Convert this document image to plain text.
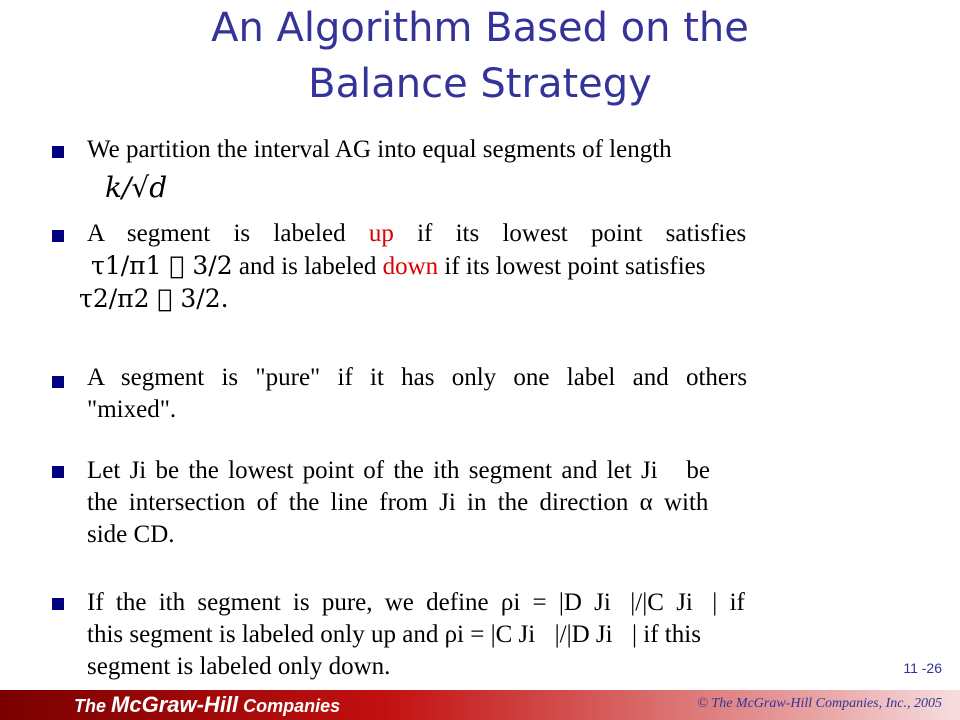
An Algorithm Based on the
Balance Strategy
We partition the interval AG into equal segments of length
k/√d
A segment is labeled up if its lowest point satisfies
τ1/π1   3/2 and is labeled down if its lowest point satisfies
τ2/π2   3/2.
A segment is "pure" if it has only one label and others
"mixed".
Let Ji be the lowest point of the ith segment and let Ji  be
the intersection of the line from Ji in the direction α with
side CD.
If the ith segment is pure, we define ρi = |D Ji |/|C Ji | if
this segment is labeled only up and ρi = |C Ji |/|D Ji | if this
segment is labeled only down.	11 -26
The McGraw-Hill Companies	© The McGraw-Hill Companies, Inc., 2005
